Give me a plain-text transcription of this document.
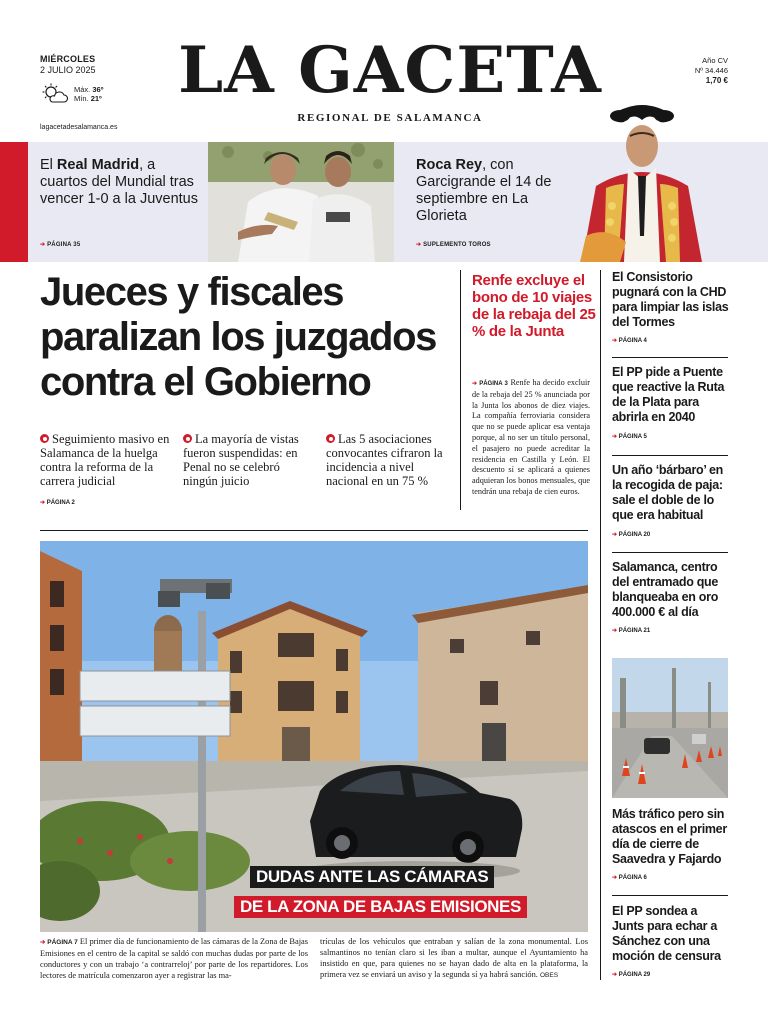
MIÉRCOLES
2 JULIO 2025
Máx. 36º
Mín. 21º
lagacetadesalamanca.es
LA GACETA
REGIONAL DE SALAMANCA
Año CV
Nº 34.446
1,70 €
El Real Madrid, a cuartos del Mundial tras vencer 1-0 a la Juventus
➔ PÁGINA 35
Roca Rey, con Garcigrande el 14 de septiembre en La Glorieta
➔ SUPLEMENTO TOROS
Jueces y fiscales paralizan los juzgados contra el Gobierno
Seguimiento masivo en Salamanca de la huelga contra la reforma de la carrera judicial
La mayoría de vistas fueron suspendidas: en Penal no se celebró ningún juicio
Las 5 asociaciones convocantes cifraron la incidencia a nivel nacional en un 75 %
➔ PÁGINA 2
Renfe excluye el bono de 10 viajes de la rebaja del 25 % de la Junta
➔ PÁGINA 3 Renfe ha decido excluir de la rebaja del 25 % anunciada por la Junta los abonos de diez viajes. La compañía ferroviaria considera que no se puede aplicar esa ventaja porque, al no ser un título personal, el pasajero no puede acreditar la residencia en Castilla y León. El descuento sí se aplicará a quienes adquieran los bonos mensuales, que tendrán una rebaja de cien euros.
El Consistorio pugnará con la CHD para limpiar las islas del Tormes
➔ PÁGINA 4
El PP pide a Puente que reactive la Ruta de la Plata para abrirla en 2040
➔ PÁGINA 5
Un año ‘bárbaro’ en la recogida de paja: sale el doble de lo que era habitual
➔ PÁGINA 20
Salamanca, centro del entramado que blanqueaba en oro 400.000 € al día
➔ PÁGINA 21
Más tráfico pero sin atascos en el primer día de cierre de Saavedra y Fajardo
➔ PÁGINA 6
El PP sondea a Junts para echar a Sánchez con una moción de censura
➔ PÁGINA 29
DUDAS ANTE LAS CÁMARAS
DE LA ZONA DE BAJAS EMISIONES
➔ PÁGINA 7 El primer día de funcionamiento de las cámaras de la Zona de Bajas Emisiones en el centro de la capital se saldó con muchas dudas por parte de los conductores y con un trabajo ‘a contrarreloj’ por parte de los repartidores. Los lectores de matrícula comenzaron ayer a registrar las ma-
trículas de los vehículos que entraban y salían de la zona monumental. Los salmantinos no tenían claro si les iban a multar, aunque el Ayuntamiento ha insistido en que, para quienes no se hayan dado de alta en la plataforma, la primera vez se enviará un aviso y la segunda sí ya habrá sanción. OBES
